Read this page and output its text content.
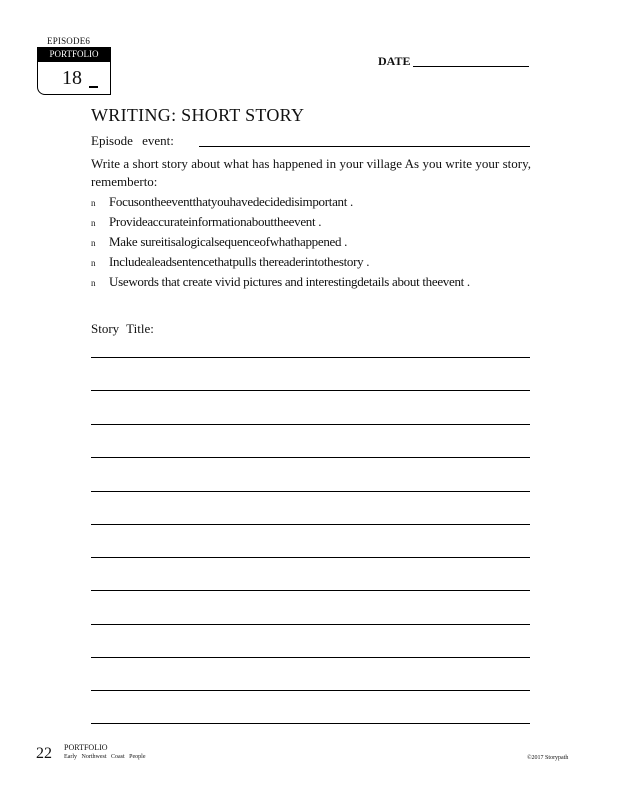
EPISODE6
PORTFOLIO
18
DATE
WRITING: SHORT STORY
Episode event:
Write a short story about what has happened in your village As you write your story, rememberto:
n Focusontheeventthatyouhavedecidedisimportant .
n Provideaccurateinformationabouttheevent .
n Make sureitisalogicalsequenceofwhathappened .
n Includealeadsentencethatpulls thereaderintothestory .
n Usewords that create vivid pictures and interestingdetails about theevent .
Story Title:
22 PORTFOLIO
Early Northwest Coast People	©2017 Storypath
